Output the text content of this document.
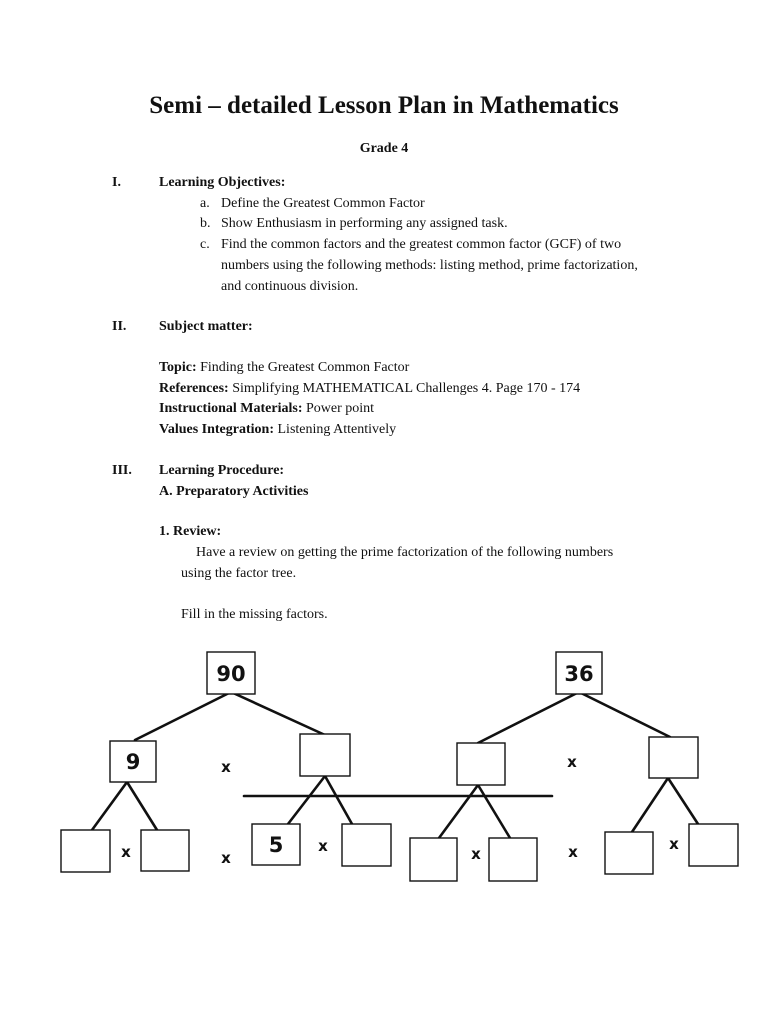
Semi – detailed Lesson Plan in Mathematics
Grade 4
I.	Learning Objectives:
a. Define the Greatest Common Factor
b. Show Enthusiasm in performing any assigned task.
c. Find the common factors and the greatest common factor (GCF) of two
numbers using the following methods: listing method, prime factorization,
and continuous division.
II. Subject matter:
Topic: Finding the Greatest Common Factor
References: Simplifying MATHEMATICAL Challenges 4. Page 170 - 174
Instructional Materials: Power point
Values Integration: Listening Attentively
III. Learning Procedure:
A. Preparatory Activities
1. Review:
Have a review on getting the prime factorization of the following numbers
using the factor tree.
Fill in the missing factors.
90	36
9
5
x	x
x	x
x	x	x	x
